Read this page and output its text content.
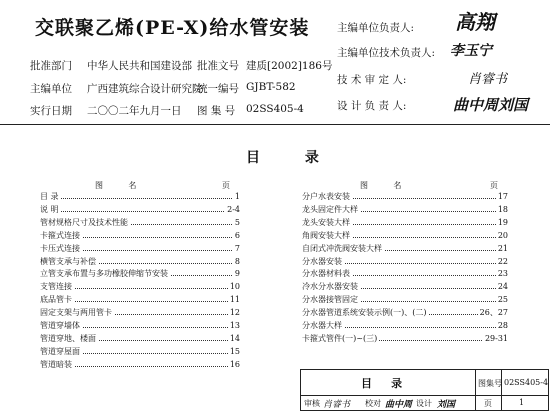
交联聚乙烯(PE-X)给水管安装
批准部门 中华人民共和国建设部 批准文号 建质[2002]186号
主编单位 广西建筑综合设计研究院
统一编号 GJBT-582
实行日期 二〇〇二年九月一日 图 集 号 02SS405-4
主编单位负责人: 高翔
主编单位技术负责人: 李玉宁
技 术 审 定 人:	肖睿书
设 计 负 责 人:	曲中周刘国
目 录
图          名	页	图          名	页
目 录	1
说 明	2-4
管材规格尺寸及技术性能	5
卡箍式连接	6
卡压式连接	7
横管支承与补偿	8
立管支承布置与多功橡胶伸缩节安装	9
支管连接	10
底品管卡	11
固定支架与两用管卡	12
管道穿墙体	13
管道穿地、楼面	14
管道穿屋面	15
管道暗装	16
分户水表安装	17
龙头固定件大样	18
龙头安装大样	19
角阀安装大样	20
自闭式冲洗阀安装大样	21
分水器安装	22
分水器材料表	23
冷水分水器安装	24
分水器接管固定	25
分水器管道系统安装示例(一)、(二)	26、27
分水器大样	28
卡箍式管件(一)~(三)	29-31
目     录	图集号 02SS405-4
审核 肖睿书 校对 曲中周 设计 刘国	页	1
